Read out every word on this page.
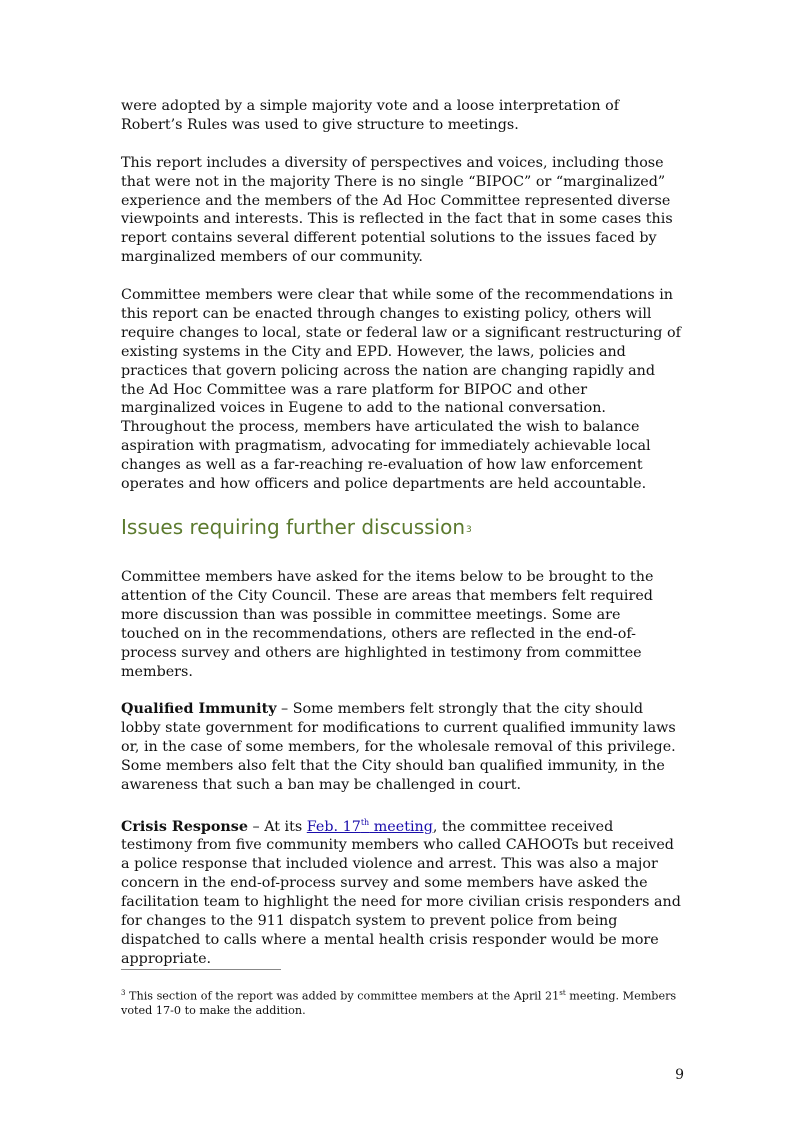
were adopted by a simple majority vote and a loose interpretation of Robert’s Rules was used to give structure to meetings.

This report includes a diversity of perspectives and voices, including those that were not in the majority There is no single “BIPOC” or “marginalized” experience and the members of the Ad Hoc Committee represented diverse viewpoints and interests. This is reflected in the fact that in some cases this report contains several different potential solutions to the issues faced by marginalized members of our community.

Committee members were clear that while some of the recommendations in this report can be enacted through changes to existing policy, others will require changes to local, state or federal law or a significant restructuring of existing systems in the City and EPD. However, the laws, policies and practices that govern policing across the nation are changing rapidly and the Ad Hoc Committee was a rare platform for BIPOC and other marginalized voices in Eugene to add to the national conversation. Throughout the process, members have articulated the wish to balance aspiration with pragmatism, advocating for immediately achievable local changes as well as a far-reaching re-evaluation of how law enforcement operates and how officers and police departments are held accountable.

Issues requiring further discussion$^3$

Committee members have asked for the items below to be brought to the attention of the City Council. These are areas that members felt required more discussion than was possible in committee meetings. Some are touched on in the recommendations, others are reflected in the end-of-process survey and others are highlighted in testimony from committee members.

Qualified Immunity – Some members felt strongly that the city should lobby state government for modifications to current qualified immunity laws or, in the case of some members, for the wholesale removal of this privilege. Some members also felt that the City should ban qualified immunity, in the awareness that such a ban may be challenged in court.

Crisis Response – At its Feb. 17th meeting, the committee received testimony from five community members who called CAHOOTs but received a police response that included violence and arrest. This was also a major concern in the end-of-process survey and some members have asked the facilitation team to highlight the need for more civilian crisis responders and for changes to the 911 dispatch system to prevent police from being dispatched to calls where a mental health crisis responder would be more appropriate.

$^3$ This section of the report was added by committee members at the April 21st meeting. Members voted 17-0 to make the addition.
9
